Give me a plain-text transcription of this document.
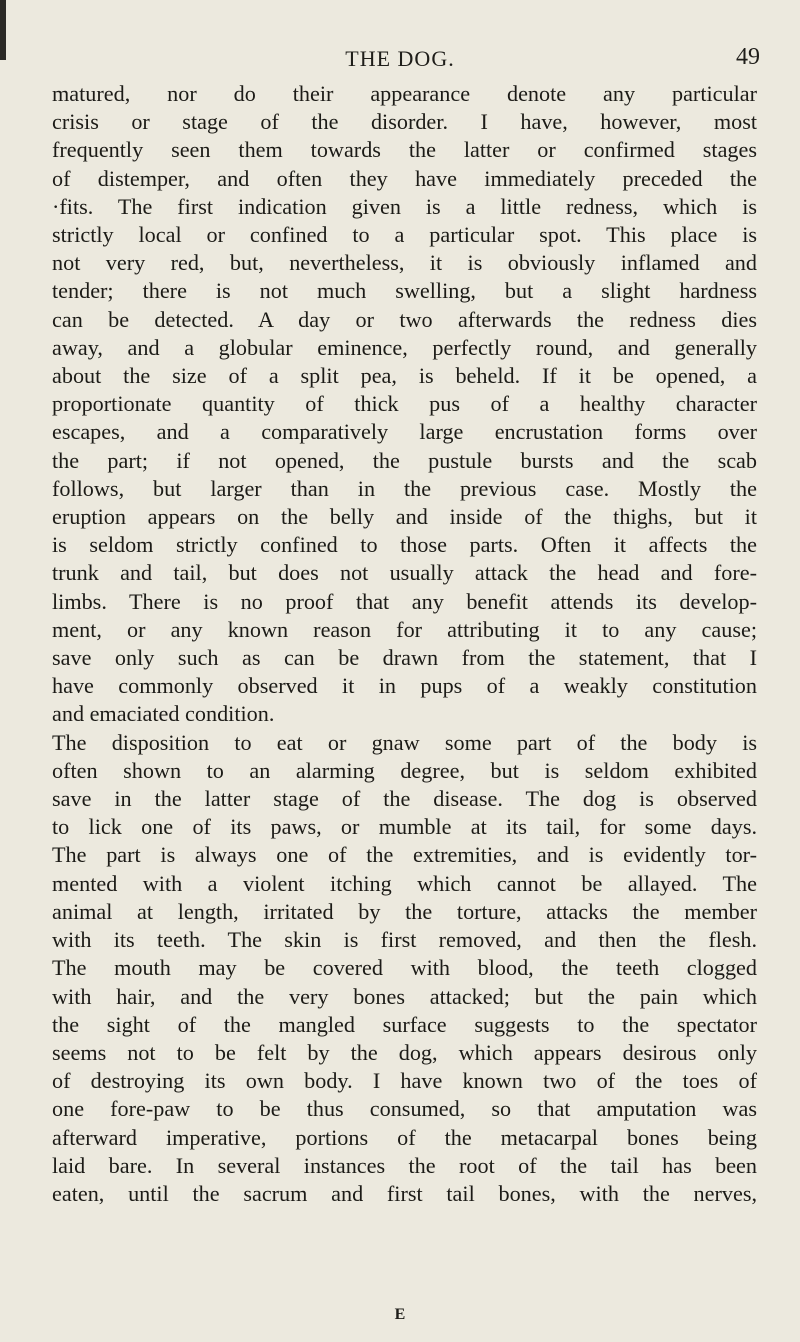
THE DOG.	49
matured, nor do their appearance denote any particular
crisis or stage of the disorder. I have, however, most
frequently seen them towards the latter or confirmed stages
of distemper, and often they have immediately preceded the
·fits. The first indication given is a little redness, which is
strictly local or confined to a particular spot. This place is
not very red, but, nevertheless, it is obviously inflamed and
tender; there is not much swelling, but a slight hardness
can be detected. A day or two afterwards the redness dies
away, and a globular eminence, perfectly round, and generally
about the size of a split pea, is beheld. If it be opened, a
proportionate quantity of thick pus of a healthy character
escapes, and a comparatively large encrustation forms over
the part; if not opened, the pustule bursts and the scab
follows, but larger than in the previous case. Mostly the
eruption appears on the belly and inside of the thighs, but it
is seldom strictly confined to those parts. Often it affects the
trunk and tail, but does not usually attack the head and fore-
limbs. There is no proof that any benefit attends its develop-
ment, or any known reason for attributing it to any cause;
save only such as can be drawn from the statement, that I
have commonly observed it in pups of a weakly constitution
and emaciated condition.
The disposition to eat or gnaw some part of the body is
often shown to an alarming degree, but is seldom exhibited
save in the latter stage of the disease. The dog is observed
to lick one of its paws, or mumble at its tail, for some days.
The part is always one of the extremities, and is evidently tor-
mented with a violent itching which cannot be allayed. The
animal at length, irritated by the torture, attacks the member
with its teeth. The skin is first removed, and then the flesh.
The mouth may be covered with blood, the teeth clogged
with hair, and the very bones attacked; but the pain which
the sight of the mangled surface suggests to the spectator
seems not to be felt by the dog, which appears desirous only
of destroying its own body. I have known two of the toes of
one fore-paw to be thus consumed, so that amputation was
afterward imperative, portions of the metacarpal bones being
laid bare. In several instances the root of the tail has been
eaten, until the sacrum and first tail bones, with the nerves,
E
